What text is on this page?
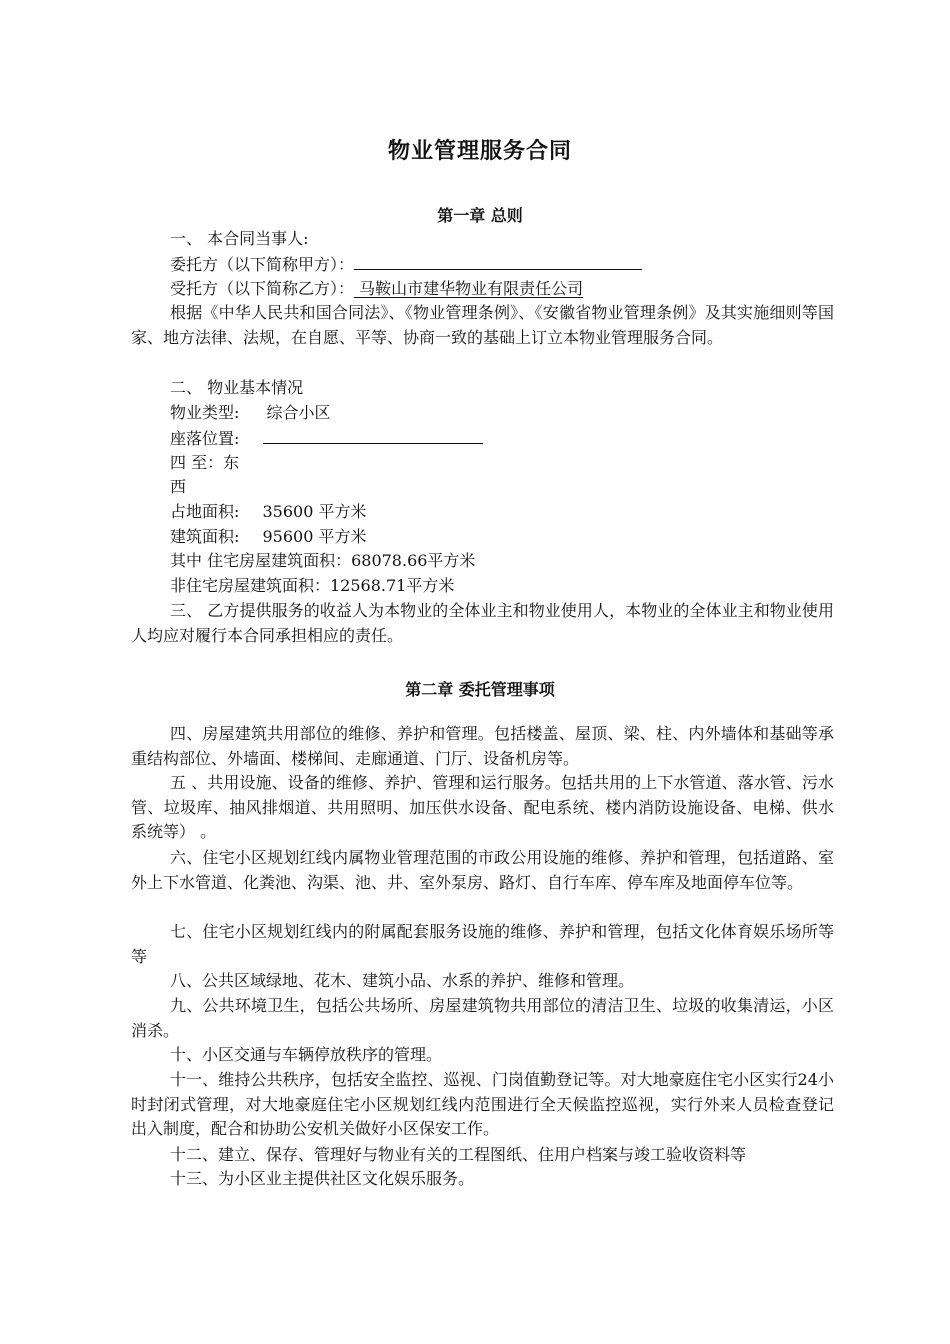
物业管理服务合同
第一章 总则
一、 本合同当事人:
委托方（以下简称甲方）：
受托方（以下简称乙方）： 马鞍山市建华物业有限责任公司
根据《中华人民共和国合同法》、《物业管理条例》、《安徽省物业管理条例》及其实施细则等国家、地方法律、法规，在自愿、平等、协商一致的基础上订立本物业管理服务合同。
二、 物业基本情况
物业类型: 综合小区
座落位置:
四 至：东
西
占地面积: 35600 平方米
建筑面积: 95600 平方米
其中 住宅房屋建筑面积：68078.66平方米
非住宅房屋建筑面积：12568.71平方米
三、 乙方提供服务的收益人为本物业的全体业主和物业使用人，本物业的全体业主和物业使用人均应对履行本合同承担相应的责任。
第二章 委托管理事项
四、房屋建筑共用部位的维修、养护和管理。包括楼盖、屋顶、梁、柱、内外墙体和基础等承重结构部位、外墙面、楼梯间、走廊通道、门厅、设备机房等。
五 、共用设施、设备的维修、养护、管理和运行服务。包括共用的上下水管道、落水管、污水管、垃圾库、抽风排烟道、共用照明、加压供水设备、配电系统、楼内消防设施设备、电梯、供水系统等） 。
六、住宅小区规划红线内属物业管理范围的市政公用设施的维修、养护和管理，包括道路、室外上下水管道、化粪池、沟渠、池、井、室外泵房、路灯、自行车库、停车库及地面停车位等。
七、住宅小区规划红线内的附属配套服务设施的维修、养护和管理，包括文化体育娱乐场所等等
八、公共区域绿地、花木、建筑小品、水系的养护、维修和管理。
九、公共环境卫生，包括公共场所、房屋建筑物共用部位的清洁卫生、垃圾的收集清运，小区消杀。
十、小区交通与车辆停放秩序的管理。
十一、维持公共秩序，包括安全监控、巡视、门岗值勤登记等。对大地豪庭住宅小区实行24小时封闭式管理，对大地豪庭住宅小区规划红线内范围进行全天候监控巡视，实行外来人员检查登记出入制度，配合和协助公安机关做好小区保安工作。
十二、建立、保存、管理好与物业有关的工程图纸、住用户档案与竣工验收资料等
十三、为小区业主提供社区文化娱乐服务。
